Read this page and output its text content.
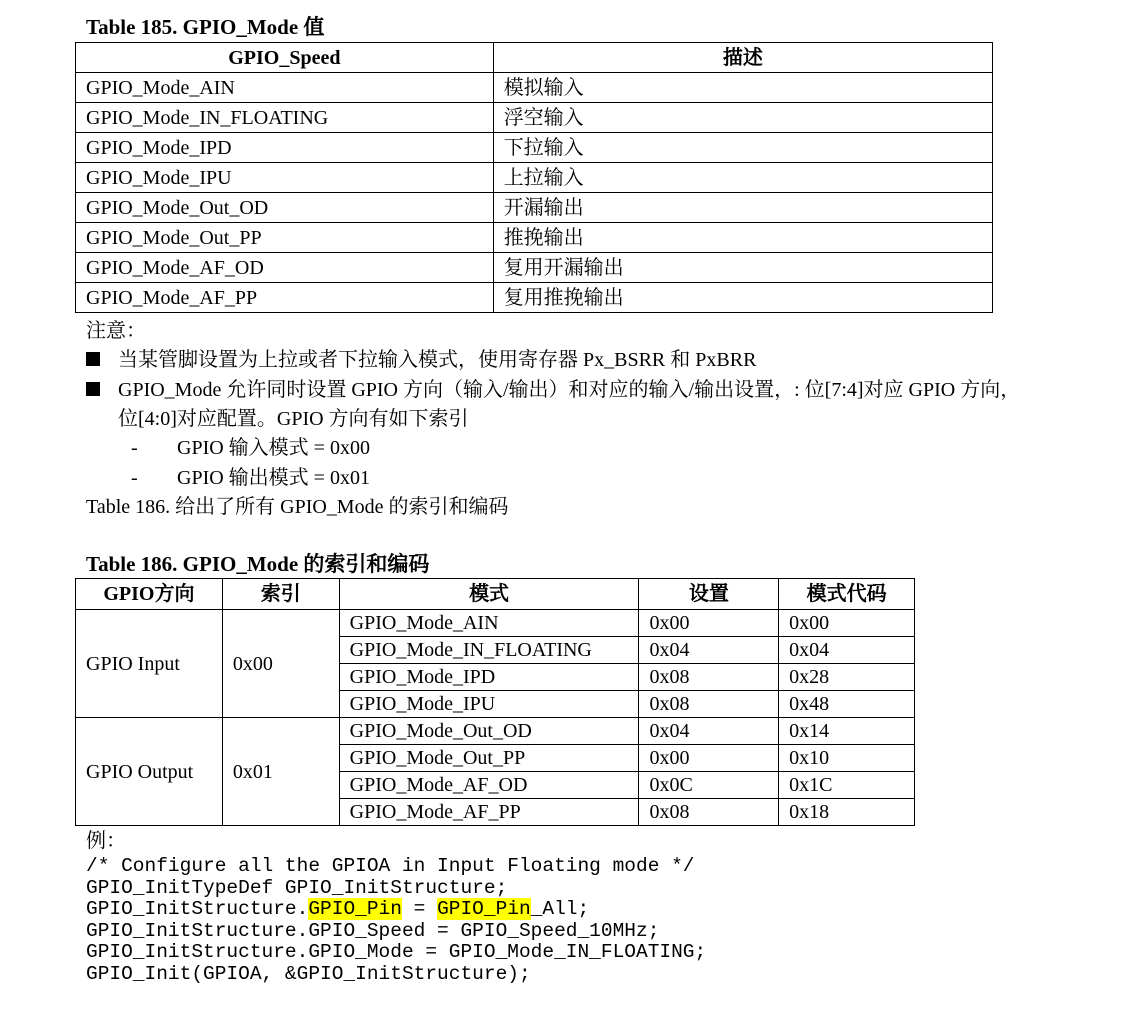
Table 185. GPIO_Mode 值
GPIO_Speed	描述
GPIO_Mode_AIN	模拟输入
GPIO_Mode_IN_FLOATING	浮空输入
GPIO_Mode_IPD	下拉输入
GPIO_Mode_IPU	上拉输入
GPIO_Mode_Out_OD	开漏输出
GPIO_Mode_Out_PP	推挽输出
GPIO_Mode_AF_OD	复用开漏输出
GPIO_Mode_AF_PP	复用推挽输出
注意：
当某管脚设置为上拉或者下拉输入模式，使用寄存器 Px_BSRR 和 PxBRR
GPIO_Mode 允许同时设置 GPIO 方向（输入/输出）和对应的输入/输出设置，: 位[7:4]对应 GPIO 方向，
位[4:0]对应配置。GPIO 方向有如下索引
- GPIO 输入模式 = 0x00
- GPIO 输出模式 = 0x01
Table 186. 给出了所有 GPIO_Mode 的索引和编码
Table 186. GPIO_Mode 的索引和编码
GPIO方向	索引	模式	设置	模式代码
GPIO Input	0x00	GPIO_Mode_AIN	0x00	0x00
		GPIO_Mode_IN_FLOATING	0x04	0x04
		GPIO_Mode_IPD	0x08	0x28
		GPIO_Mode_IPU	0x08	0x48
GPIO Output	0x01	GPIO_Mode_Out_OD	0x04	0x14
		GPIO_Mode_Out_PP	0x00	0x10
		GPIO_Mode_AF_OD	0x0C	0x1C
		GPIO_Mode_AF_PP	0x08	0x18
例：
/* Configure all the GPIOA in Input Floating mode */
GPIO_InitTypeDef GPIO_InitStructure;
GPIO_InitStructure.GPIO_Pin = GPIO_Pin_All;
GPIO_InitStructure.GPIO_Speed = GPIO_Speed_10MHz;
GPIO_InitStructure.GPIO_Mode = GPIO_Mode_IN_FLOATING;
GPIO_Init(GPIOA, &GPIO_InitStructure);
